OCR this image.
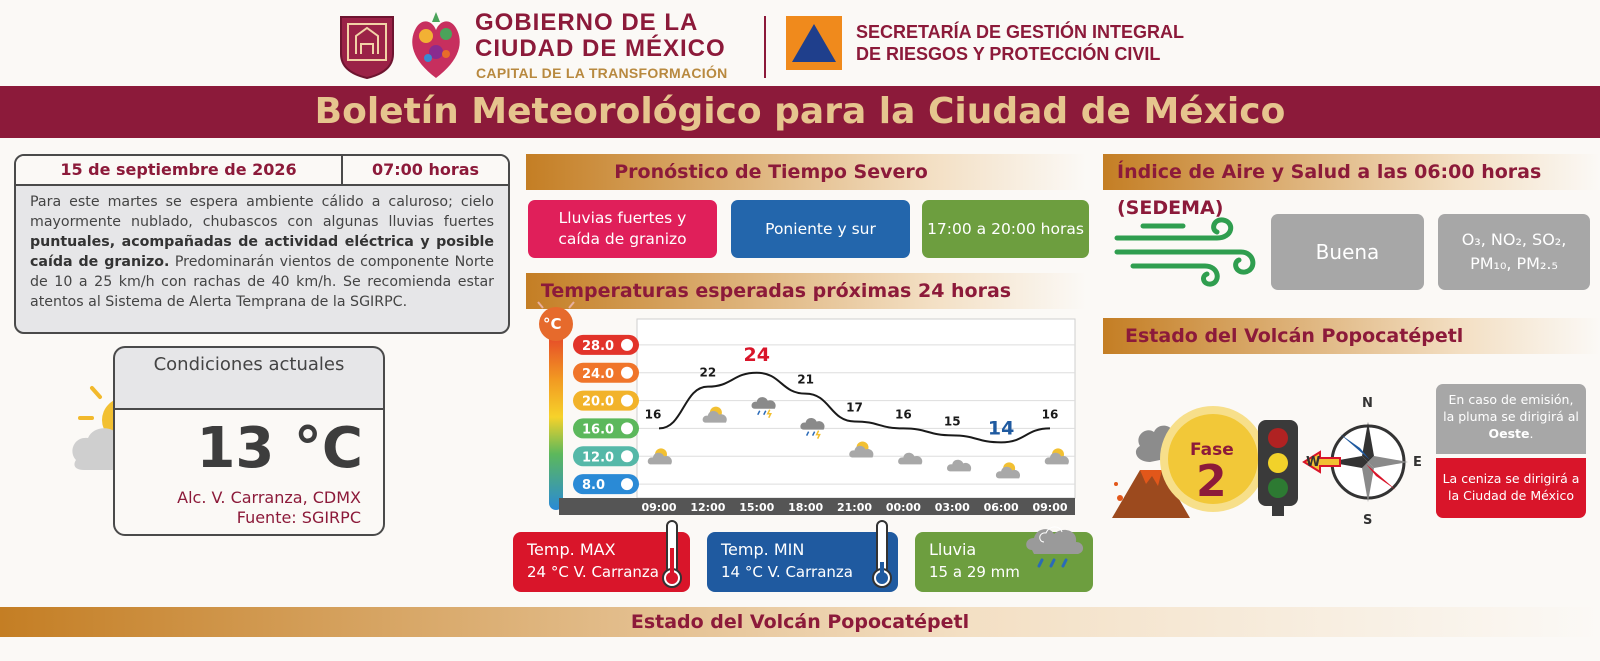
GOBIERNO DE LA
CIUDAD DE MÉXICO
CAPITAL DE LA TRANSFORMACIÓN
SECRETARÍA DE GESTIÓN INTEGRAL
DE RIESGOS Y PROTECCIÓN CIVIL
Boletín Meteorológico para la Ciudad de México
15 de septiembre de 2026	07:00 horas
Para este martes se espera ambiente cálido a caluroso; cielo mayormente nublado, chubascos con algunas lluvias fuertes puntuales, acompañadas de actividad eléctrica y posible caída de granizo. Predominarán vientos de componente Norte de 10 a 25 km/h con rachas de 40 km/h. Se recomienda estar atentos al Sistema de Alerta Temprana de la SGIRPC.
Condiciones actuales
13 °C
Alc. V. Carranza, CDMX
Fuente: SGIRPC
Pronóstico de Tiempo Severo
Lluvias fuertes y caída de granizo
Poniente y sur	17:00 a 20:00 horas
Temperaturas esperadas próximas 24 horas
°C
28.0
24.0
20.0
16.0
12.0
8.0
16
22
24
21
17	16	15 14
16
09:00 12:00 15:00 18:00 21:00 00:00 03:00 06:00 09:00
Temp. MAX
24 °C V. Carranza
Temp. MIN
14 °C V. Carranza
Lluvia
15 a 29 mm
Índice de Aire y Salud a las 06:00 horas (SEDEMA)
Buena
O₃, NO₂, SO₂, PM₁₀, PM₂.₅
Estado del Volcán Popocatépetl
Fase
2
N
S
E
W
En caso de emisión, la pluma se dirigirá al Oeste.
La ceniza se dirigirá a la Ciudad de México
Estado del Volcán Popocatépetl
